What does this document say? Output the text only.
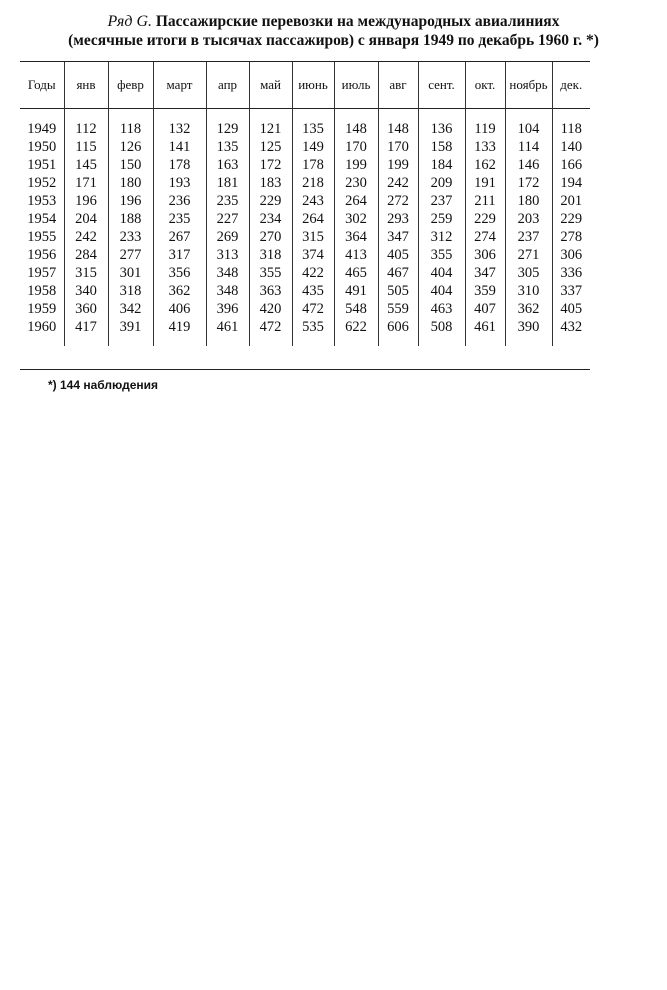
Ряд G. Пассажирские перевозки на международных авиалиниях
(месячные итоги в тысячах пассажиров) с января 1949 по декабрь 1960 г. *)
Годы	янв	февр	март	апр	май	июнь	июль	авг	сент.	окт.	ноябрь	дек.

1949	112	118	132	129	121	135	148	148	136	119	104	118
1950	115	126	141	135	125	149	170	170	158	133	114	140
1951	145	150	178	163	172	178	199	199	184	162	146	166
1952	171	180	193	181	183	218	230	242	209	191	172	194
1953	196	196	236	235	229	243	264	272	237	211	180	201
1954	204	188	235	227	234	264	302	293	259	229	203	229
1955	242	233	267	269	270	315	364	347	312	274	237	278
1956	284	277	317	313	318	374	413	405	355	306	271	306
1957	315	301	356	348	355	422	465	467	404	347	305	336
1958	340	318	362	348	363	435	491	505	404	359	310	337
1959	360	342	406	396	420	472	548	559	463	407	362	405
1960	417	391	419	461	472	535	622	606	508	461	390	432

*) 144 наблюдения
